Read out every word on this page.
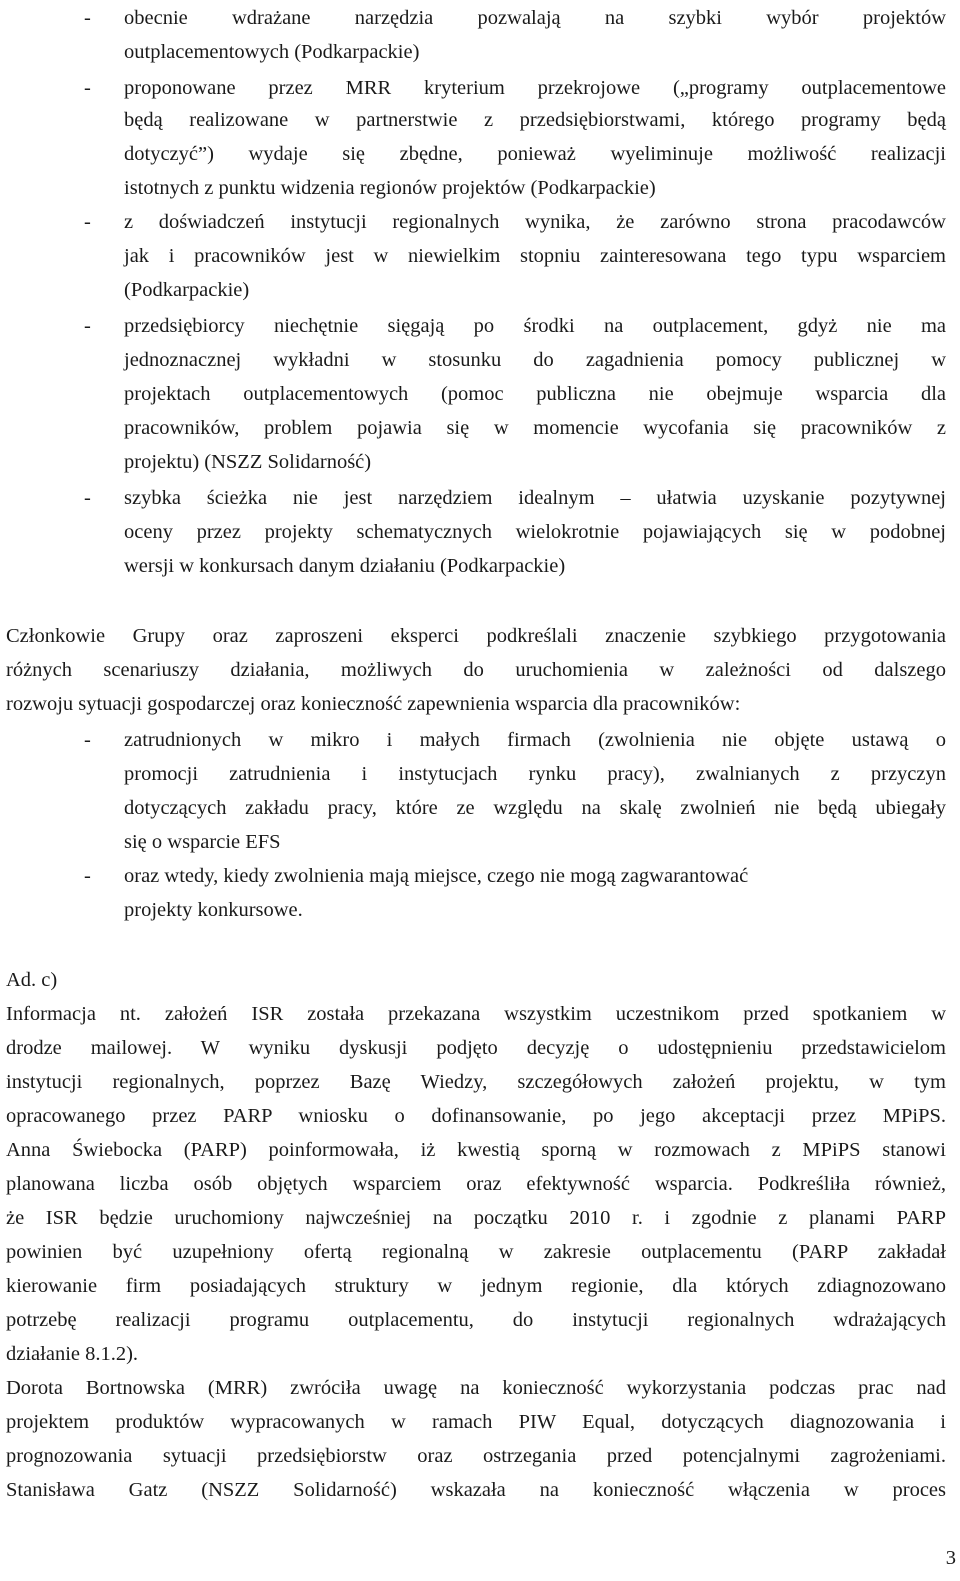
-
-
-
-
-
-
-
obecnie wdrażane narzędzia pozwalają na szybki wybór projektów
outplacementowych (Podkarpackie)
proponowane przez MRR kryterium przekrojowe („programy outplacementowe
będą realizowane w partnerstwie z przedsiębiorstwami, którego programy będą
dotyczyć”) wydaje się zbędne, ponieważ wyeliminuje możliwość realizacji
istotnych z punktu widzenia regionów projektów (Podkarpackie)
z doświadczeń instytucji regionalnych wynika, że zarówno strona pracodawców
jak i pracowników jest w niewielkim stopniu zainteresowana tego typu wsparciem
(Podkarpackie)
przedsiębiorcy niechętnie sięgają po środki na outplacement, gdyż nie ma
jednoznacznej wykładni w stosunku do zagadnienia pomocy publicznej w
projektach outplacementowych (pomoc publiczna nie obejmuje wsparcia dla
pracowników, problem pojawia się w momencie wycofania się pracowników z
projektu) (NSZZ Solidarność)
szybka ścieżka nie jest narzędziem idealnym – ułatwia uzyskanie pozytywnej
oceny przez projekty schematycznych wielokrotnie pojawiających się w podobnej
wersji w konkursach danym działaniu (Podkarpackie)
Członkowie Grupy oraz zaproszeni eksperci podkreślali znaczenie szybkiego przygotowania
różnych scenariuszy działania, możliwych do uruchomienia w zależności od dalszego
rozwoju sytuacji gospodarczej oraz konieczność zapewnienia wsparcia dla pracowników:
zatrudnionych w mikro i małych firmach (zwolnienia nie objęte ustawą o
promocji zatrudnienia i instytucjach rynku pracy), zwalnianych z przyczyn
dotyczących zakładu pracy, które ze względu na skalę zwolnień nie będą ubiegały
się o wsparcie EFS
oraz wtedy, kiedy zwolnienia mają miejsce, czego nie mogą zagwarantować
projekty konkursowe.
Ad. c)
Informacja nt. założeń ISR została przekazana wszystkim uczestnikom przed spotkaniem w
drodze mailowej. W wyniku dyskusji podjęto decyzję o udostępnieniu przedstawicielom
instytucji regionalnych, poprzez Bazę Wiedzy, szczegółowych założeń projektu, w tym
opracowanego przez PARP wniosku o dofinansowanie, po jego akceptacji przez MPiPS.
Anna Świebocka (PARP) poinformowała, iż kwestią sporną w rozmowach z MPiPS stanowi
planowana liczba osób objętych wsparciem oraz efektywność wsparcia. Podkreśliła również,
że ISR będzie uruchomiony najwcześniej na początku 2010 r. i zgodnie z planami PARP
powinien być uzupełniony ofertą regionalną w zakresie outplacementu (PARP zakładał
kierowanie firm posiadających struktury w jednym regionie, dla których zdiagnozowano
potrzebę realizacji programu outplacementu, do instytucji regionalnych wdrażających
działanie 8.1.2).
Dorota Bortnowska (MRR) zwróciła uwagę na konieczność wykorzystania podczas prac nad
projektem produktów wypracowanych w ramach PIW Equal, dotyczących diagnozowania i
prognozowania sytuacji przedsiębiorstw oraz ostrzegania przed potencjalnymi zagrożeniami.
Stanisława Gatz (NSZZ Solidarność) wskazała na konieczność włączenia w proces
3
